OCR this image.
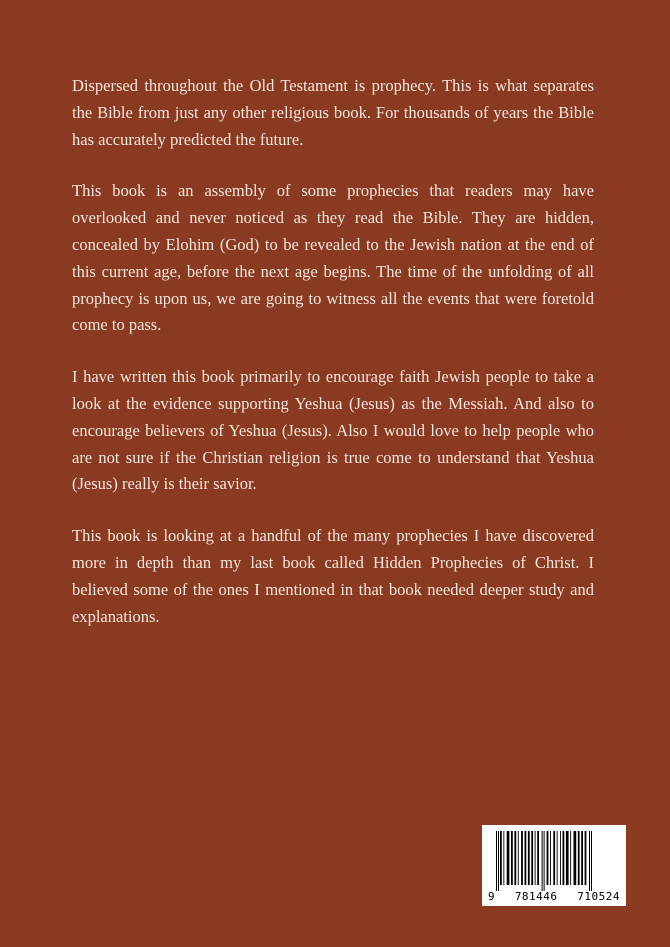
Dispersed throughout the Old Testament is prophecy. This is what separates the Bible from just any other religious book. For thousands of years the Bible has accurately predicted the future.

This book is an assembly of some prophecies that readers may have overlooked and never noticed as they read the Bible. They are hidden, concealed by Elohim (God) to be revealed to the Jewish nation at the end of this current age, before the next age begins. The time of the unfolding of all prophecy is upon us, we are going to witness all the events that were foretold come to pass.

I have written this book primarily to encourage faith Jewish people to take a look at the evidence supporting Yeshua (Jesus) as the Messiah. And also to encourage believers of Yeshua (Jesus). Also I would love to help people who are not sure if the Christian religion is true come to understand that Yeshua (Jesus) really is their savior.

This book is looking at a handful of the many prophecies I have discovered more in depth than my last book called Hidden Prophecies of Christ. I believed some of the ones I mentioned in that book needed deeper study and explanations.

9 781446 710524
